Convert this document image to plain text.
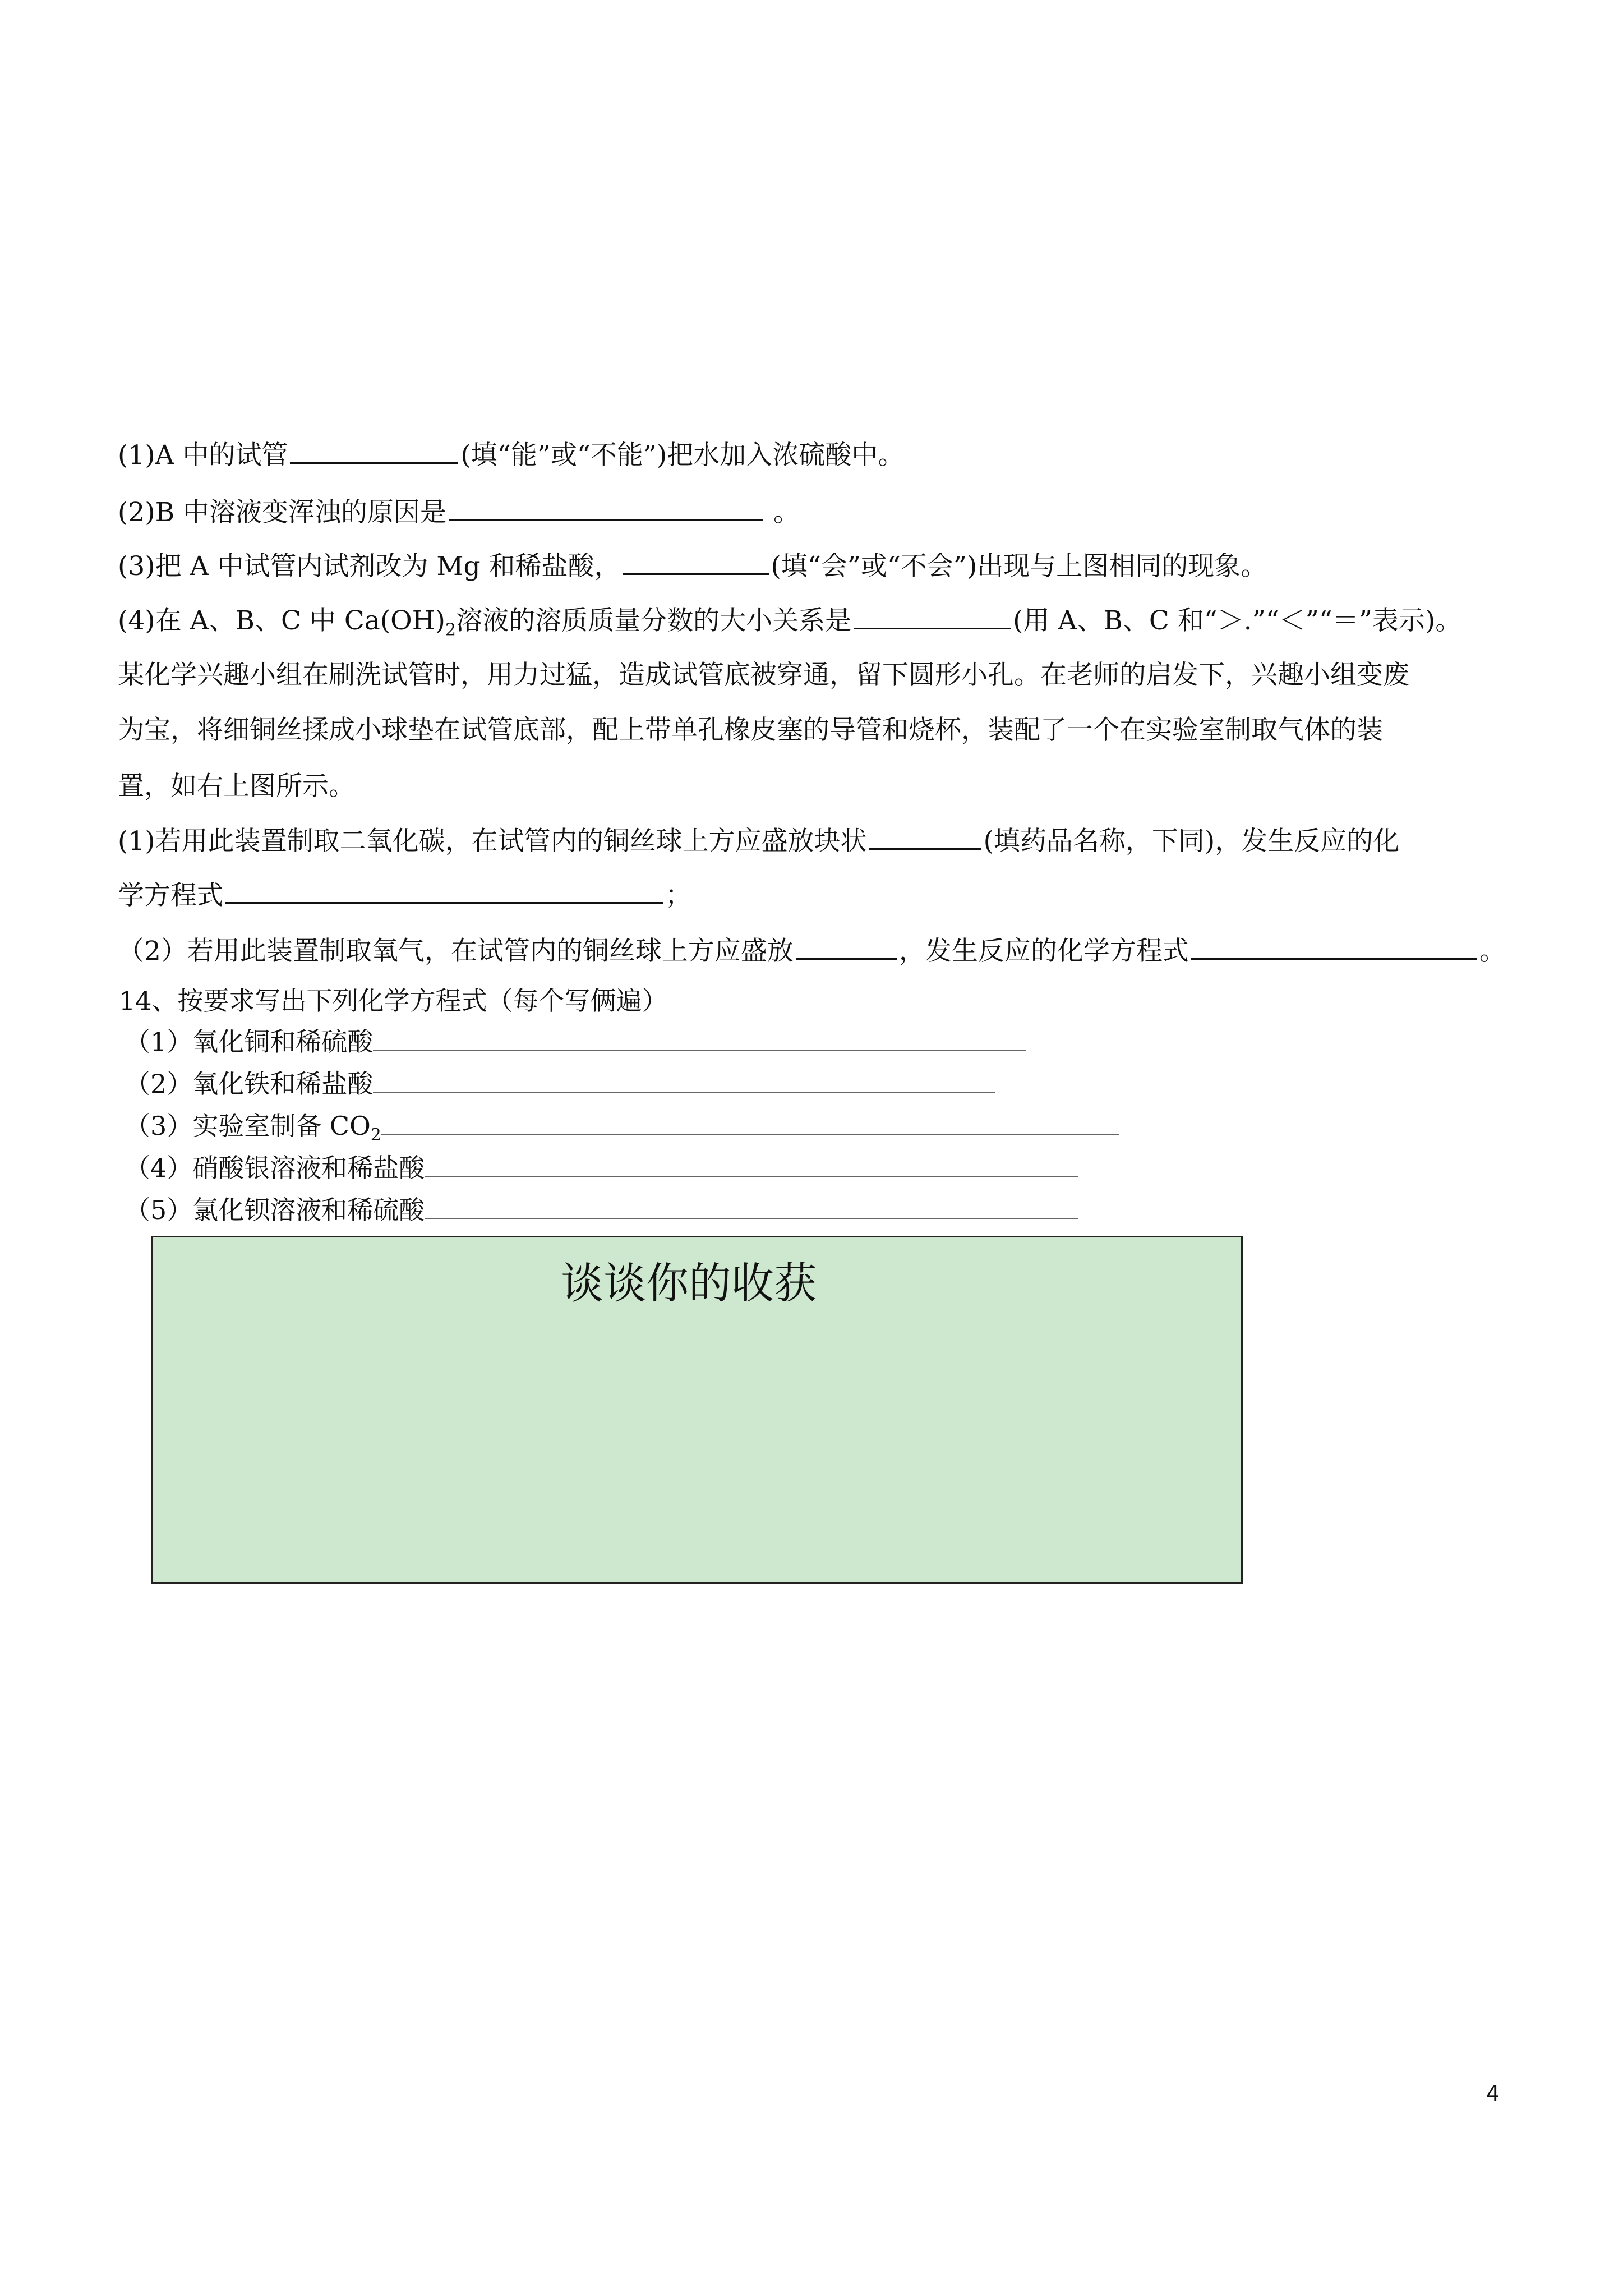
(1)A 中的试管	(填“能”或“不能”)把水加入浓硫酸中。
(2)B 中溶液变浑浊的原因是	。
(3)把 A 中试管内试剂改为 Mg 和稀盐酸，	(填“会”或“不会”)出现与上图相同的现象。
(4)在 A、B、C 中 $Ca(OH)_2$溶液的溶质质量分数的大小关系是	(用 A、B、C 和“＞.”“＜”“＝”表示)。
某化学兴趣小组在刷洗试管时，用力过猛，造成试管底被穿通，留下圆形小孔。在老师的启发下，兴趣小组变废
为宝，将细铜丝揉成小球垫在试管底部，配上带单孔橡皮塞的导管和烧杯，装配了一个在实验室制取气体的装
置，如右上图所示。
(1)若用此装置制取二氧化碳，在试管内的铜丝球上方应盛放块状	(填药品名称，下同)，发生反应的化
学方程式	；
（2）若用此装置制取氧气，在试管内的铜丝球上方应盛放	，发生反应的化学方程式	。
14、按要求写出下列化学方程式（每个写俩遍）
（1）氧化铜和稀硫酸
（2）氧化铁和稀盐酸
（3）实验室制备 $CO_2$
（4）硝酸银溶液和稀盐酸
（5）氯化钡溶液和稀硫酸
谈谈你的收获
4
